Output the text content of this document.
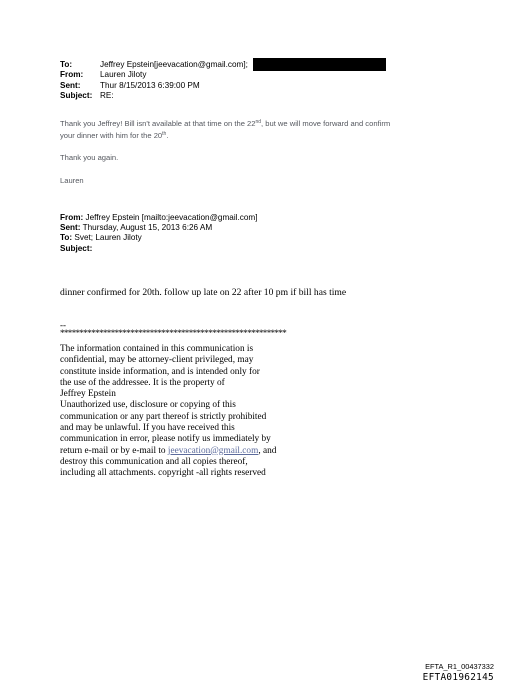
To:	Jeffrey Epstein[jeevacation@gmail.com];
From:	Lauren Jiloty
Sent:	Thur 8/15/2013 6:39:00 PM
Subject: RE:

Thank you Jeffrey! Bill isn't available at that time on the 22nd, but we will move forward and confirm
your dinner with him for the 20th.

Thank you again.

Lauren

From: Jeffrey Epstein [mailto:jeevacation@gmail.com]
Sent: Thursday, August 15, 2013 6:26 AM
To: Svet; Lauren Jiloty
Subject:
dinner confirmed for 20th. follow up late on 22 after 10 pm if bill has time
--
**********************************************************
The information contained in this communication is
confidential, may be attorney-client privileged, may
constitute inside information, and is intended only for
the use of the addressee. It is the property of
Jeffrey Epstein
Unauthorized use, disclosure or copying of this
communication or any part thereof is strictly prohibited
and may be unlawful. If you have received this
communication in error, please notify us immediately by
return e-mail or by e-mail to jeevacation@gmail.com, and
destroy this communication and all copies thereof,
including all attachments. copyright -all rights reserved
EFTA_R1_00437332
EFTA01962145
